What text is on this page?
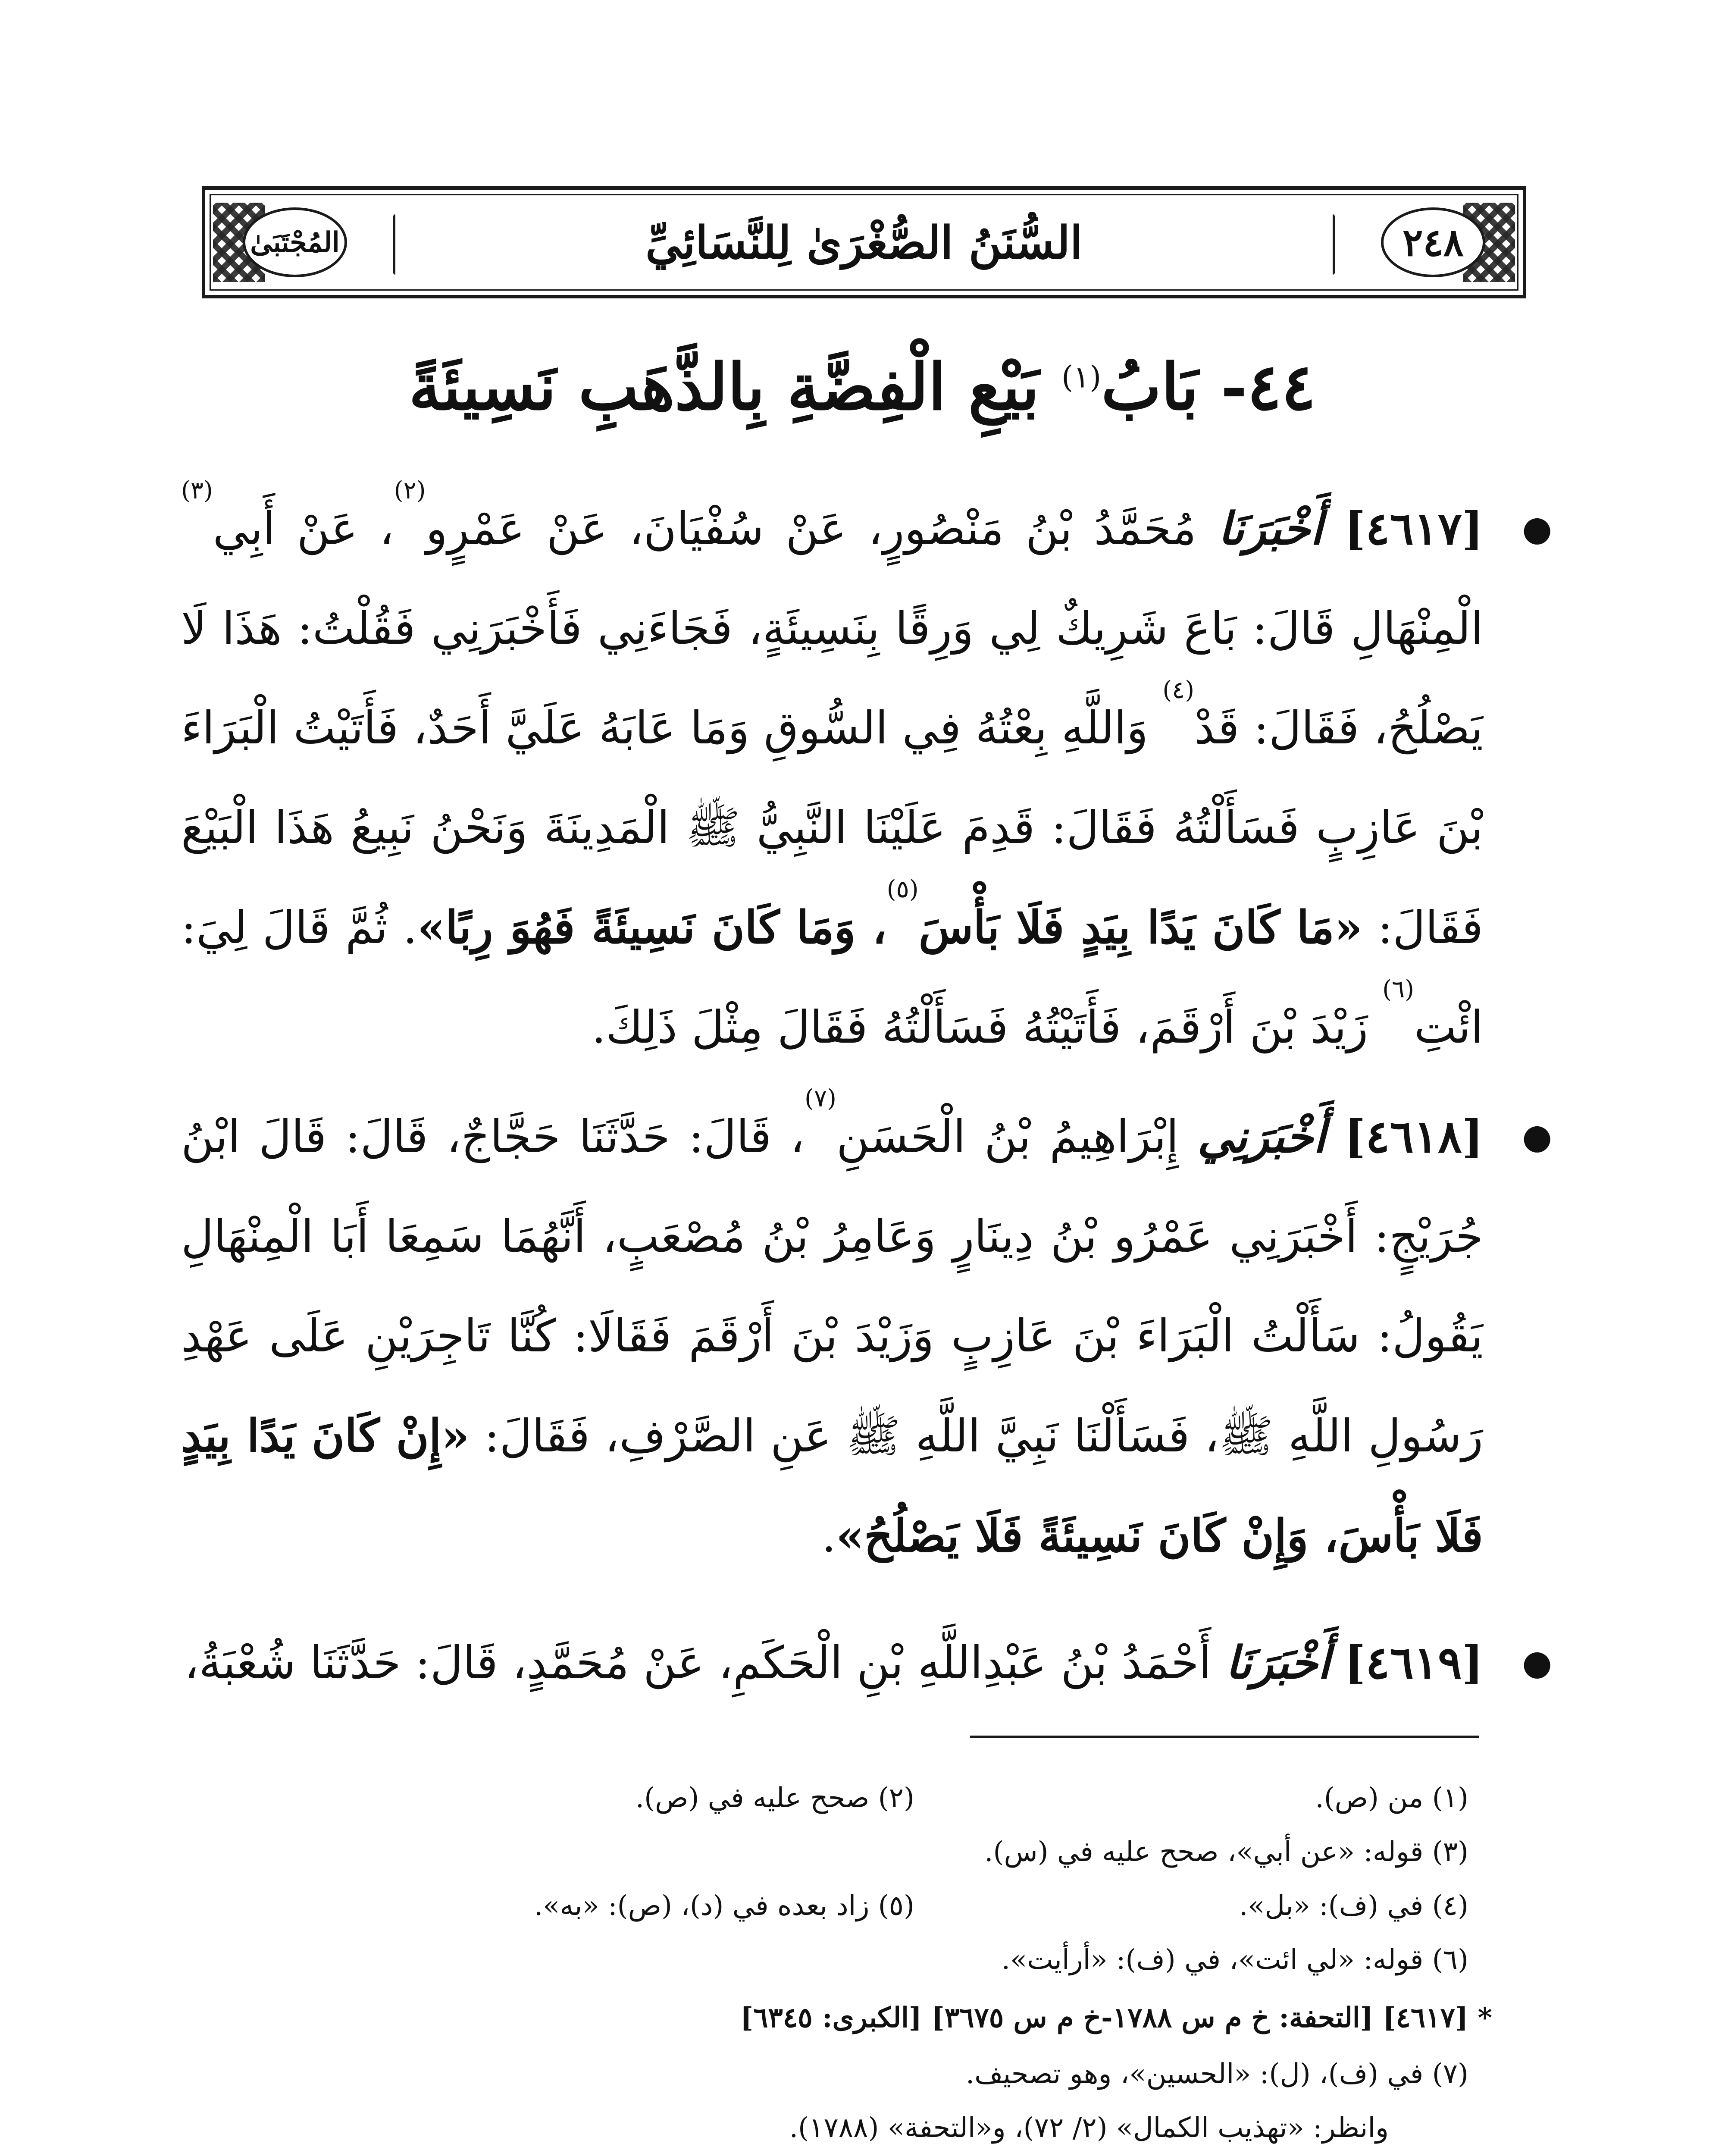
٢٤٨
السُّنَنُ الصُّغْرَىٰ لِلنَّسَائِيِّ
المُجْتَبَىٰ
٤٤- بَابُ$^{(١)}$ بَيْعِ الْفِضَّةِ بِالذَّهَبِ نَسِيئَةً
●
[٤٦١٧] أَخْبَرَنَا مُحَمَّدُ بْنُ مَنْصُورٍ، عَنْ سُفْيَانَ، عَنْ عَمْرٍو$^{(٢)}$، عَنْ أَبِي$^{(٣)}$ الْمِنْهَالِ قَالَ: بَاعَ شَرِيكٌ لِي وَرِقًا بِنَسِيئَةٍ، فَجَاءَنِي فَأَخْبَرَنِي فَقُلْتُ: هَذَا لَا يَصْلُحُ، فَقَالَ: قَدْ$^{(٤)}$ وَاللَّهِ بِعْتُهُ فِي السُّوقِ وَمَا عَابَهُ عَلَيَّ أَحَدٌ، فَأَتَيْتُ الْبَرَاءَ بْنَ عَازِبٍ فَسَأَلْتُهُ فَقَالَ: قَدِمَ عَلَيْنَا النَّبِيُّ ﷺ الْمَدِينَةَ وَنَحْنُ نَبِيعُ هَذَا الْبَيْعَ فَقَالَ: «مَا كَانَ يَدًا بِيَدٍ فَلَا بَأْسَ$^{(٥)}$، وَمَا كَانَ نَسِيئَةً فَهُوَ رِبًا». ثُمَّ قَالَ لِيَ: ائْتِ$^{(٦)}$ زَيْدَ بْنَ أَرْقَمَ، فَأَتَيْتُهُ فَسَأَلْتُهُ فَقَالَ مِثْلَ ذَلِكَ.
●
[٤٦١٨] أَخْبَرَنِي إِبْرَاهِيمُ بْنُ الْحَسَنِ$^{(٧)}$، قَالَ: حَدَّثَنَا حَجَّاجٌ، قَالَ: قَالَ ابْنُ جُرَيْجٍ: أَخْبَرَنِي عَمْرُو بْنُ دِينَارٍ وَعَامِرُ بْنُ مُصْعَبٍ، أَنَّهُمَا سَمِعَا أَبَا الْمِنْهَالِ يَقُولُ: سَأَلْتُ الْبَرَاءَ بْنَ عَازِبٍ وَزَيْدَ بْنَ أَرْقَمَ فَقَالَا: كُنَّا تَاجِرَيْنِ عَلَى عَهْدِ رَسُولِ اللَّهِ ﷺ، فَسَأَلْنَا نَبِيَّ اللَّهِ ﷺ عَنِ الصَّرْفِ، فَقَالَ: «إِنْ كَانَ يَدًا بِيَدٍ فَلَا بَأْسَ، وَإِنْ كَانَ نَسِيئَةً فَلَا يَصْلُحُ».
●
[٤٦١٩] أَخْبَرَنَا أَحْمَدُ بْنُ عَبْدِاللَّهِ بْنِ الْحَكَمِ، عَنْ مُحَمَّدٍ، قَالَ: حَدَّثَنَا شُعْبَةُ،
(١) من (ص).
(٢) صحح عليه في (ص).
(٣) قوله: «عن أبي»، صحح عليه في (س).
(٤) في (ف): «بل».
(٥) زاد بعده في (د)، (ص): «به».
(٦) قوله: «لي ائت»، في (ف): «أرأيت».
* [٤٦١٧] [التحفة: خ م س ١٧٨٨-خ م س ٣٦٧٥] [الكبرى: ٦٣٤٥]
(٧) في (ف)، (ل): «الحسين»، وهو تصحيف.
وانظر: «تهذيب الكمال» (٢/ ٧٢)، و«التحفة» (١٧٨٨).
